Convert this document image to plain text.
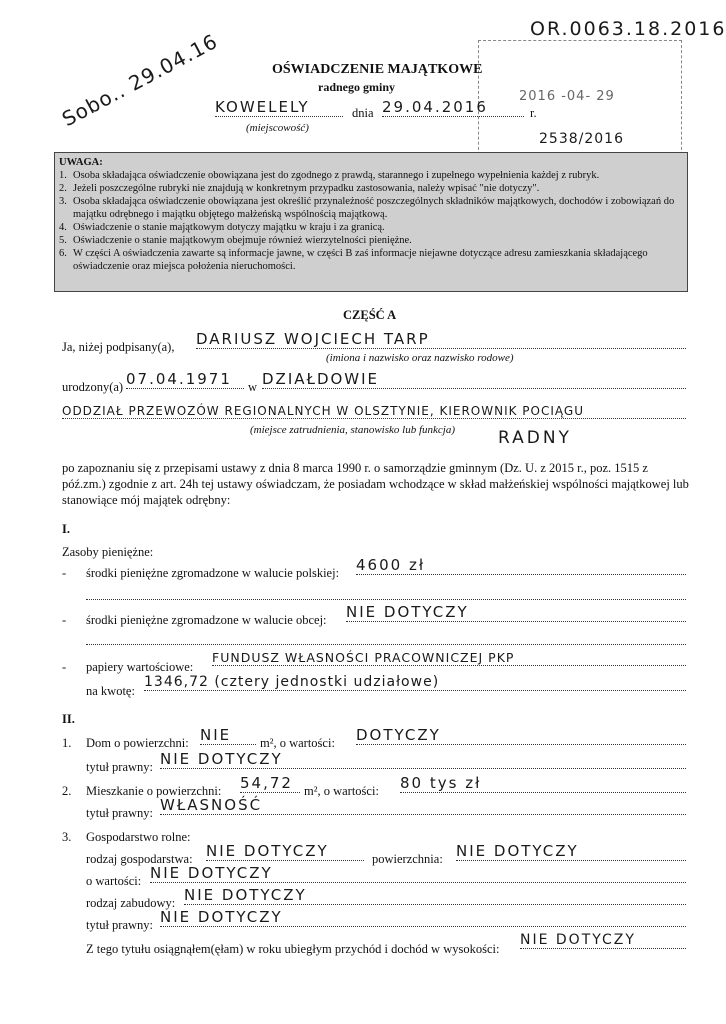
OR.0063.18.2016
2016 -04- 29
2538/2016
Sobo.. 29.04.16	OŚWIADCZENIE MAJĄTKOWE
radnego gminy
KOWELELY	dnia 29.04.2016	r.
(miejscowość)
UWAGA:
1. Osoba składająca oświadczenie obowiązana jest do zgodnego z prawdą, starannego i zupełnego wypełnienia każdej z rubryk.
2. Jeżeli poszczególne rubryki nie znajdują w konkretnym przypadku zastosowania, należy wpisać "nie dotyczy".
3. Osoba składająca oświadczenie obowiązana jest określić przynależność poszczególnych składników majątkowych, dochodów i zobowiązań do majątku odrębnego i majątku objętego małżeńską wspólnością majątkową.
4. Oświadczenie o stanie majątkowym dotyczy majątku w kraju i za granicą.
5. Oświadczenie o stanie majątkowym obejmuje również wierzytelności pieniężne.
6. W części A oświadczenia zawarte są informacje jawne, w części B zaś informacje niejawne dotyczące adresu zamieszkania składającego oświadczenie oraz miejsca położenia nieruchomości.
CZĘŚĆ A
Ja, niżej podpisany(a), DARIUSZ WOJCIECH TARP
(imiona i nazwisko oraz nazwisko rodowe)
urodzony(a) 07.04.1971	w DZIAŁDOWIE
ODDZIAŁ PRZEWOZÓW REGIONALNYCH W OLSZTYNIE, KIEROWNIK POCIĄGU
(miejsce zatrudnienia, stanowisko lub funkcja)	RADNY
po zapoznaniu się z przepisami ustawy z dnia 8 marca 1990 r. o samorządzie gminnym (Dz. U. z 2015 r., poz. 1515 z póź.zm.) zgodnie z art. 24h tej ustawy oświadczam, że posiadam wchodzące w skład małżeńskiej wspólności majątkowej lub stanowiące mój majątek odrębny:
I.
Zasoby pieniężne:
- środki pieniężne zgromadzone w walucie polskiej: 4600 zł
- środki pieniężne zgromadzone w walucie obcej: NIE DOTYCZY
- papiery wartościowe:
FUNDUSZ WŁASNOŚCI PRACOWNICZEJ PKP
na kwotę:
1346,72 (cztery jednostki udziałowe)
II.
1. Dom o powierzchni: NIE	m², o wartości: DOTYCZY
tytuł prawny: NIE DOTYCZY
2. Mieszkanie o powierzchni: 54,72 m², o wartości: 80 tys zł
tytuł prawny: WŁASNOŚĆ
3. Gospodarstwo rolne:
rodzaj gospodarstwa: NIE DOTYCZY	powierzchnia: NIE DOTYCZY
o wartości: NIE DOTYCZY
rodzaj zabudowy: NIE DOTYCZY
tytuł prawny: NIE DOTYCZY
Z tego tytułu osiągnąłem(ęłam) w roku ubiegłym przychód i dochód w wysokości:
NIE DOTYCZY
